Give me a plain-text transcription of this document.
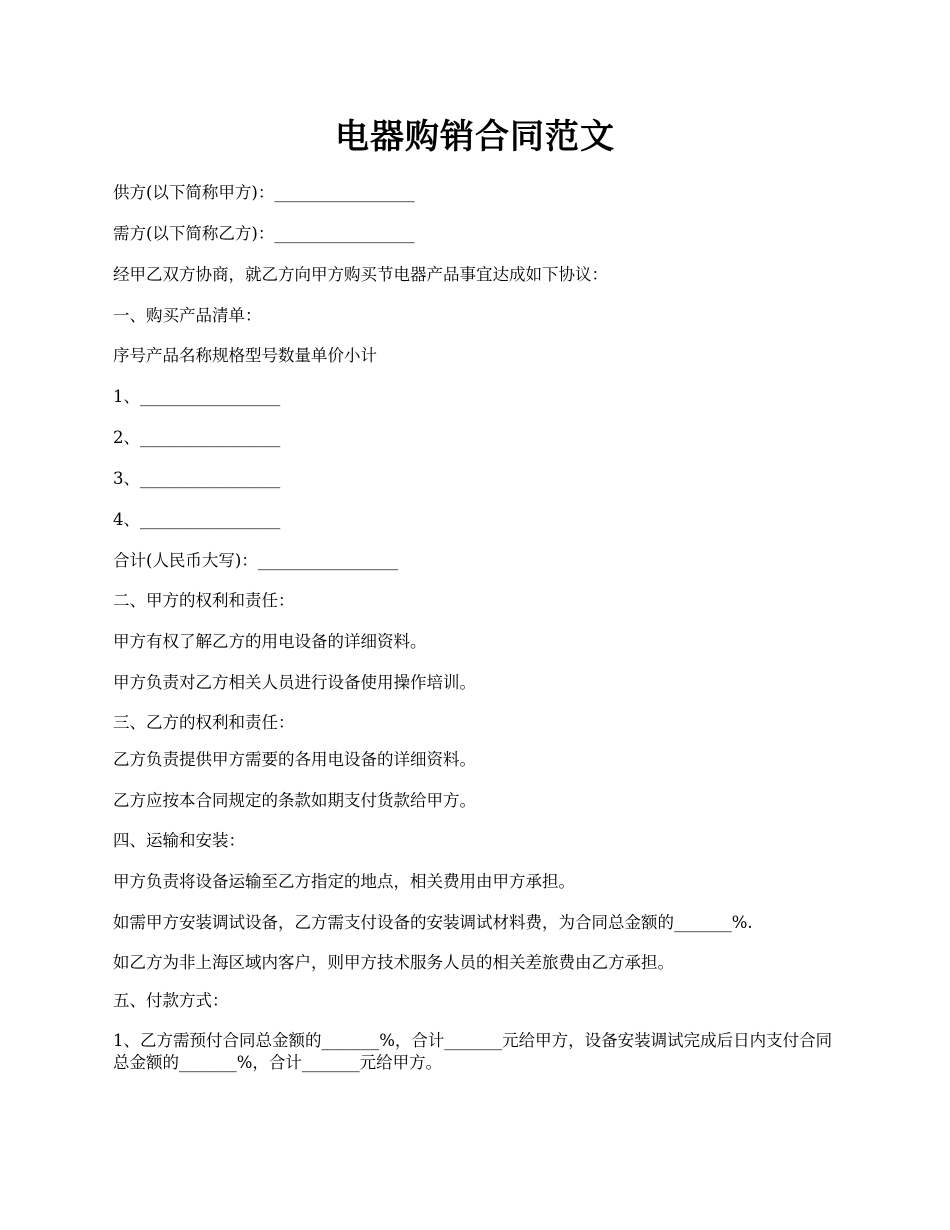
电器购销合同范文
供方(以下简称甲方)：_________________
需方(以下简称乙方)：_________________
经甲乙双方协商，就乙方向甲方购买节电器产品事宜达成如下协议：
一、购买产品清单：
序号产品名称规格型号数量单价小计
1、_________________
2、_________________
3、_________________
4、_________________
合计(人民币大写)：_________________
二、甲方的权利和责任：
甲方有权了解乙方的用电设备的详细资料。
甲方负责对乙方相关人员进行设备使用操作培训。
三、乙方的权利和责任：
乙方负责提供甲方需要的各用电设备的详细资料。
乙方应按本合同规定的条款如期支付货款给甲方。
四、运输和安装：
甲方负责将设备运输至乙方指定的地点，相关费用由甲方承担。
如需甲方安装调试设备，乙方需支付设备的安装调试材料费，为合同总金额的_______%.
如乙方为非上海区域内客户，则甲方技术服务人员的相关差旅费由乙方承担。
五、付款方式：
1、乙方需预付合同总金额的_______%，合计_______元给甲方，设备安装调试完成后日内支付合同总金额的_______%，合计_______元给甲方。
